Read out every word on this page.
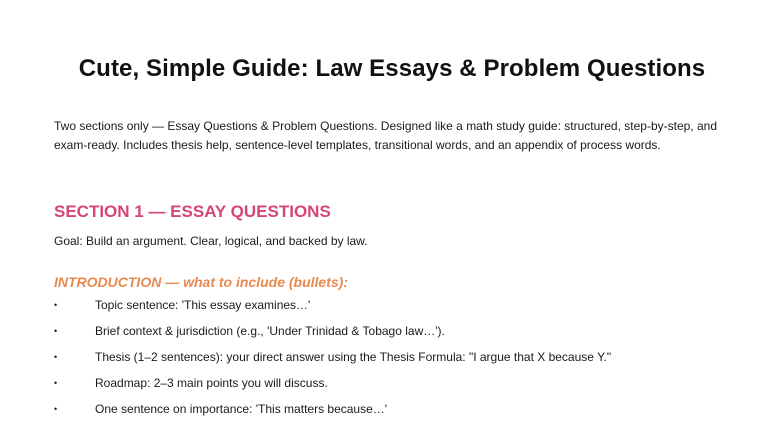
Cute, Simple Guide: Law Essays & Problem Questions
Two sections only — Essay Questions & Problem Questions. Designed like a math study guide: structured, step-by-step, and exam-ready. Includes thesis help, sentence-level templates, transitional words, and an appendix of process words.
SECTION 1 — ESSAY QUESTIONS
Goal: Build an argument. Clear, logical, and backed by law.
INTRODUCTION — what to include (bullets):
•	Topic sentence: 'This essay examines…'
•	Brief context & jurisdiction (e.g., 'Under Trinidad & Tobago law…').
•	Thesis (1–2 sentences): your direct answer using the Thesis Formula: "I argue that X because Y."
•	Roadmap: 2–3 main points you will discuss.
•	One sentence on importance: 'This matters because…'
